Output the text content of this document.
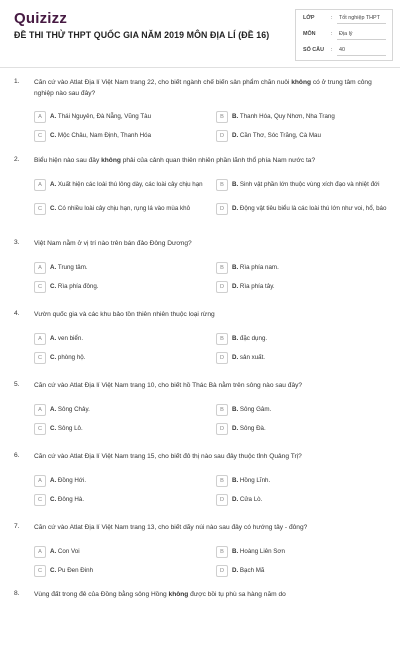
Quizizz
ĐỀ THI THỬ THPT QUỐC GIA NĂM 2019 MÔN ĐỊA LÍ (ĐỀ 16)
LỚP	: Tốt nghiệp THPT
MÔN	: Địa lý
SỐ CÂU : 40
1. Căn cứ vào Atlat Địa lí Việt Nam trang 22, cho biết ngành chế biến sản phẩm chăn nuôi không có ở trung tâm công nghiệp nào sau đây?
A	A. Thái Nguyên, Đà Nẵng, Vũng Tàu	B	B. Thanh Hóa, Quy Nhơn, Nha Trang
C	C. Mộc Châu, Nam Định, Thanh Hóa	D	D. Cần Thơ, Sóc Trăng, Cà Mau
2. Biểu hiện nào sau đây không phải của cảnh quan thiên nhiên phần lãnh thổ phía Nam nước ta?
A	A. Xuất hiện các loài thú lông dày, các loài cây chịu hạn	B	B. Sinh vật phần lớn thuộc vùng xích đạo và nhiệt đới
C	C. Có nhiều loài cây chịu hạn, rụng lá vào mùa khô	D	D. Động vật tiêu biểu là các loài thú lớn như voi, hổ, báo
3. Việt Nam nằm ở vị trí nào trên bán đảo Đông Dương?
A	A. Trung tâm.	B	B. Rìa phía nam.
C	C. Rìa phía đông.	D	D. Rìa phía tây.
4. Vườn quốc gia và các khu bảo tồn thiên nhiên thuộc loại rừng
A	A. ven biển.	B	B. đặc dụng.
C	C. phòng hộ.	D	D. sản xuất.
5. Căn cứ vào Atlat Địa lí Việt Nam trang 10, cho biết hồ Thác Bà nằm trên sông nào sau đây?
A	A. Sông Chảy.	B	B. Sông Gâm.
C	C. Sông Lô.	D	D. Sông Đà.
6. Căn cứ vào Atlat Địa lí Việt Nam trang 15, cho biết đô thị nào sau đây thuộc tỉnh Quảng Trị?
A	A. Đồng Hới.	B	B. Hồng Lĩnh.
C	C. Đông Hà.	D	D. Cửa Lò.
7. Căn cứ vào Atlat Địa lí Việt Nam trang 13, cho biết dãy núi nào sau đây có hướng tây - đông?
A	A. Con Voi	B	B. Hoàng Liên Sơn
C	C. Pu Đen Đinh	D	D. Bạch Mã
8. Vùng đất trong đê của Đồng bằng sông Hồng không được bồi tụ phù sa hàng năm do
